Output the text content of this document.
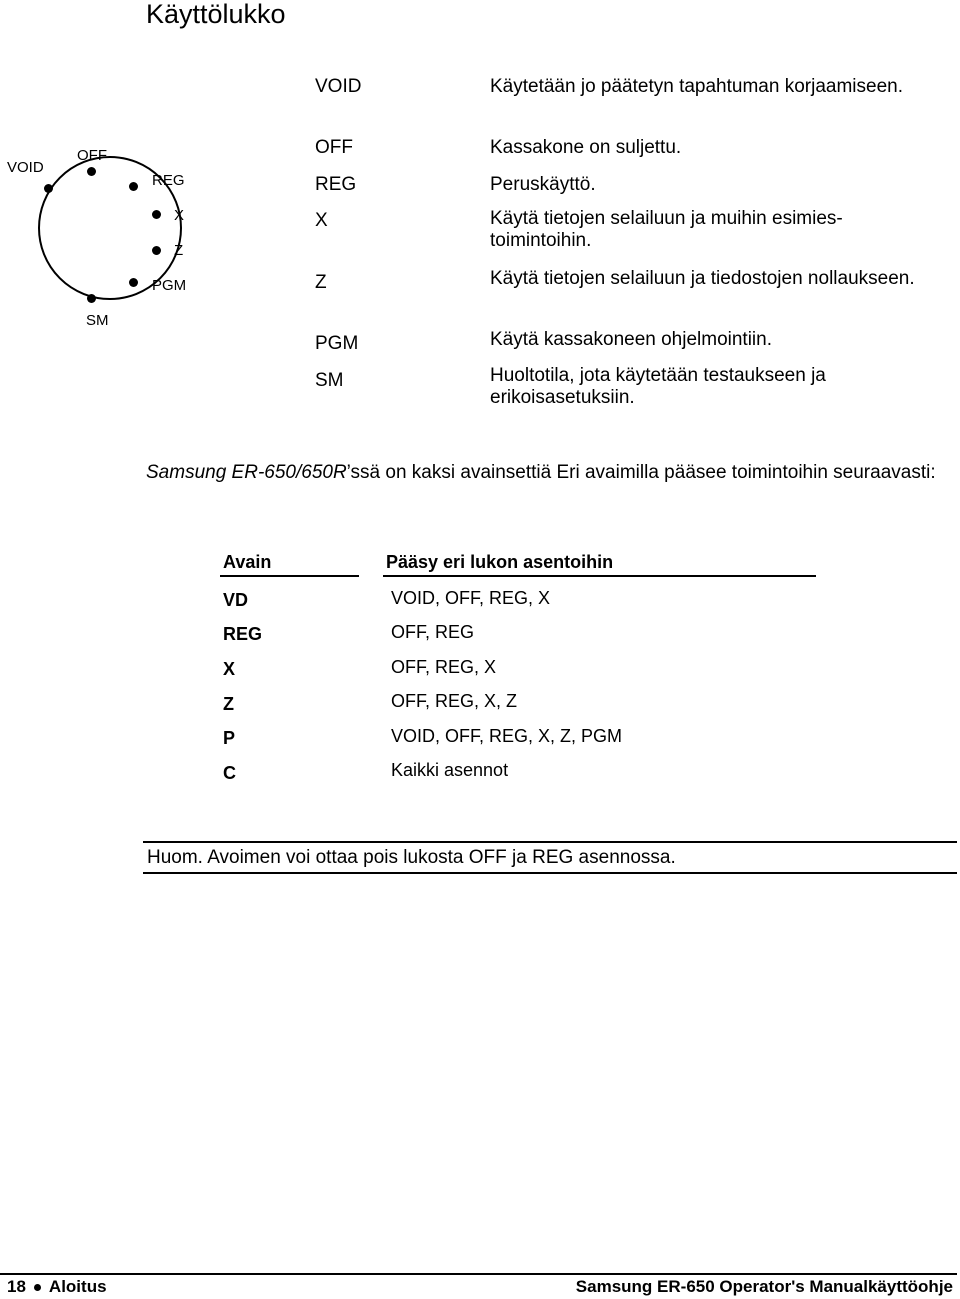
Käyttölukko
VOID
OFF
REG
X
Z
PGM
SM
VOID	Käytetään jo päätetyn tapahtuman korjaamiseen.
OFF	Kassakone on suljettu.
REG	Peruskäyttö.
X	Käytä tietojen selailuun ja muihin esimies- toimintoihin.
Z	Käytä tietojen selailuun ja tiedostojen nollaukseen.
PGM	Käytä kassakoneen ohjelmointiin.
SM	Huoltotila, jota käytetään testaukseen ja erikoisasetuksiin.
Samsung ER-650/650R’ssä on kaksi avainsettiä Eri avaimilla pääsee toimintoihin seuraavasti:
Avain	Pääsy eri lukon asentoihin
VD	VOID, OFF, REG, X
REG	OFF, REG
X	OFF, REG, X
Z	OFF, REG, X, Z
P	VOID, OFF, REG, X, Z, PGM
C	Kaikki asennot
Huom. Avoimen voi ottaa pois lukosta OFF ja REG asennossa.
18 Aloitus	Samsung ER-650 Operator's Manualkäyttöohje
